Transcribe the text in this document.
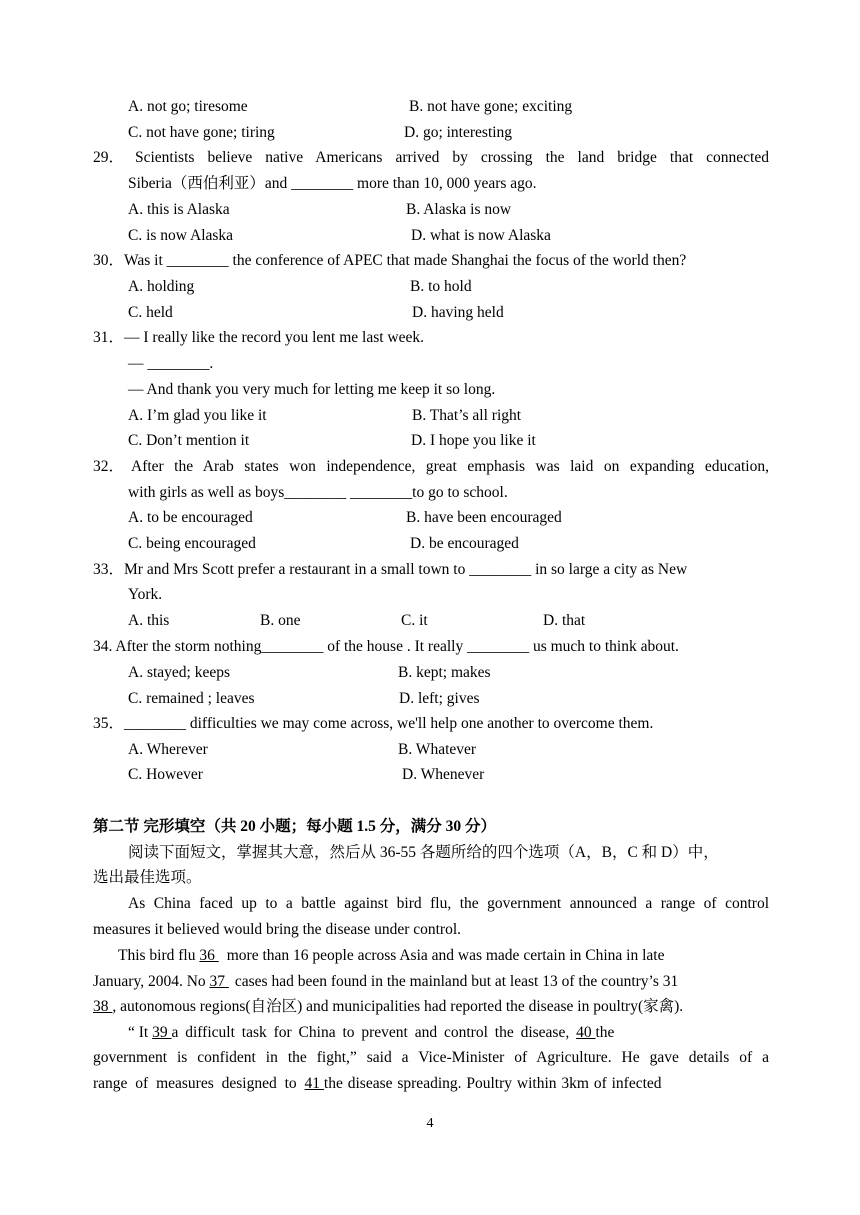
A. not go; tiresome	B. not have gone; exciting
C. not have gone; tiring	D. go; interesting
29． Scientists believe native Americans arrived by crossing the land bridge that connected
Siberia（西伯利亚）and ________ more than 10, 000 years ago.
A. this is Alaska	B. Alaska is now
C. is now Alaska	D. what is now Alaska
30．Was it ________ the conference of APEC that made Shanghai the focus of the world then?
A. holding	B. to hold
C. held	D. having held
31．— I really like the record you lent me last week.
— ________.
— And thank you very much for letting me keep it so long.
A. I’m glad you like it	B. That’s all right
C. Don’t mention it	D. I hope you like it
32． After the Arab states won independence, great emphasis was laid on expanding education,
with girls as well as boys________ ________to go to school.
A. to be encouraged	B. have been encouraged
C. being encouraged	D. be encouraged
33．Mr and Mrs Scott prefer a restaurant in a small town to ________ in so large a city as New
York.
A. this	B. one	C. it	D. that
34. After the storm nothing________ of the house . It really ________ us much to think about.
A. stayed; keeps	B. kept; makes
C. remained ; leaves	D. left; gives
35．________ difficulties we may come across, we'll help one another to overcome them.
A. Wherever	B. Whatever
C. However	D. Whenever
第二节 完形填空（共 20 小题；每小题 1.5 分，满分 30 分）
阅读下面短文，掌握其大意，然后从 36-55 各题所给的四个选项（A，B，C 和 D）中，
选出最佳选项。
As China faced up to a battle against bird flu, the government announced a range of control
measures it believed would bring the disease under control.
This bird flu 36 more than 16 people across Asia and was made certain in China in late
January, 2004. No 37 cases had been found in the mainland but at least 13 of the country’s 31
38 , autonomous regions(自治区) and municipalities had reported the disease in poultry(家禽).
“ It 39 a difficult task for China to prevent and control the disease, 40 the
government is confident in the fight,” said a Vice-Minister of Agriculture. He gave details of a
range of measures designed to 41 the disease spreading. Poultry within 3km of infected
4
